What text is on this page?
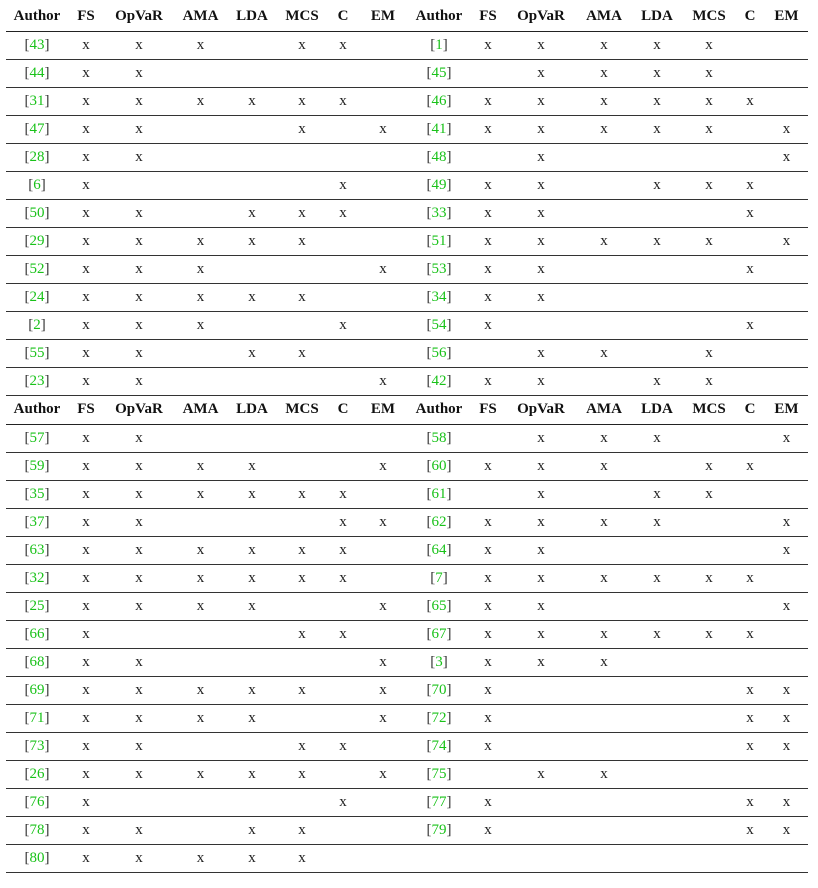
Author	FS	OpVaR	AMA	LDA	MCS	C	EM	Author	FS	OpVaR	AMA	LDA	MCS	C	EM
[43]	x	x	x		x	x		[1]	x	x	x	x	x		
[44]	x	x						[45]		x	x	x	x		
[31]	x	x	x	x	x	x		[46]	x	x	x	x	x	x	
[47]	x	x			x		x	[41]	x	x	x	x	x		x
[28]	x	x						[48]		x					x
[6]	x					x		[49]	x	x		x	x	x	
[50]	x	x		x	x	x		[33]	x	x				x	
[29]	x	x	x	x	x			[51]	x	x	x	x	x		x
[52]	x	x	x				x	[53]	x	x				x	
[24]	x	x	x	x	x			[34]	x	x					
[2]	x	x	x			x		[54]	x					x	
[55]	x	x		x	x			[56]		x	x		x		
[23]	x	x					x	[42]	x	x		x	x		
Author	FS	OpVaR	AMA	LDA	MCS	C	EM	Author	FS	OpVaR	AMA	LDA	MCS	C	EM
[57]	x	x						[58]		x	x	x			x
[59]	x	x	x	x			x	[60]	x	x	x		x	x	
[35]	x	x	x	x	x	x		[61]		x		x	x		
[37]	x	x				x	x	[62]	x	x	x	x			x
[63]	x	x	x	x	x	x		[64]	x	x					x
[32]	x	x	x	x	x	x		[7]	x	x	x	x	x	x	
[25]	x	x	x	x			x	[65]	x	x					x
[66]	x				x	x		[67]	x	x	x	x	x	x	
[68]	x	x					x	[3]	x	x	x				
[69]	x	x	x	x	x		x	[70]	x					x	x
[71]	x	x	x	x			x	[72]	x					x	x
[73]	x	x			x	x		[74]	x					x	x
[26]	x	x	x	x	x		x	[75]		x	x				
[76]	x					x		[77]	x					x	x
[78]	x	x		x	x			[79]	x					x	x
[80]	x	x	x	x	x										
